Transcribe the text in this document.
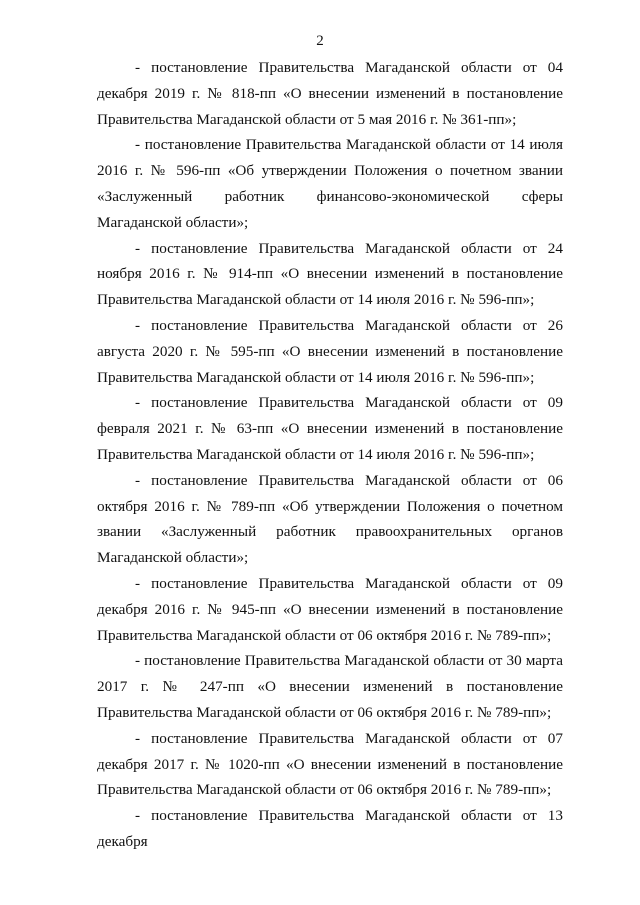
2

- постановление Правительства Магаданской области от 04 декабря 2019 г. № 818-пп «О внесении изменений в постановление Правительства Магаданской области от 5 мая 2016 г. № 361-пп»;

- постановление Правительства Магаданской области от 14 июля 2016 г. № 596-пп «Об утверждении Положения о почетном звании «Заслуженный работник финансово-экономической сферы Магаданской области»;

- постановление Правительства Магаданской области от 24 ноября 2016 г. № 914-пп «О внесении изменений в постановление Правительства Магаданской области от 14 июля 2016 г. № 596-пп»;

- постановление Правительства Магаданской области от 26 августа 2020 г. № 595-пп «О внесении изменений в постановление Правительства Магаданской области от 14 июля 2016 г. № 596-пп»;

- постановление Правительства Магаданской области от 09 февраля 2021 г. № 63-пп «О внесении изменений в постановление Правительства Магаданской области от 14 июля 2016 г. № 596-пп»;

- постановление Правительства Магаданской области от 06 октября 2016 г. № 789-пп «Об утверждении Положения о почетном звании «Заслуженный работник правоохранительных органов Магаданской области»;

- постановление Правительства Магаданской области от 09 декабря 2016 г. № 945-пп «О внесении изменений в постановление Правительства Магаданской области от 06 октября 2016 г. № 789-пп»;

- постановление Правительства Магаданской области от 30 марта 2017 г. № 247-пп «О внесении изменений в постановление Правительства Магаданской области от 06 октября 2016 г. № 789-пп»;

- постановление Правительства Магаданской области от 07 декабря 2017 г. № 1020-пп «О внесении изменений в постановление Правительства Магаданской области от 06 октября 2016 г. № 789-пп»;

- постановление Правительства Магаданской области от 13 декабря
